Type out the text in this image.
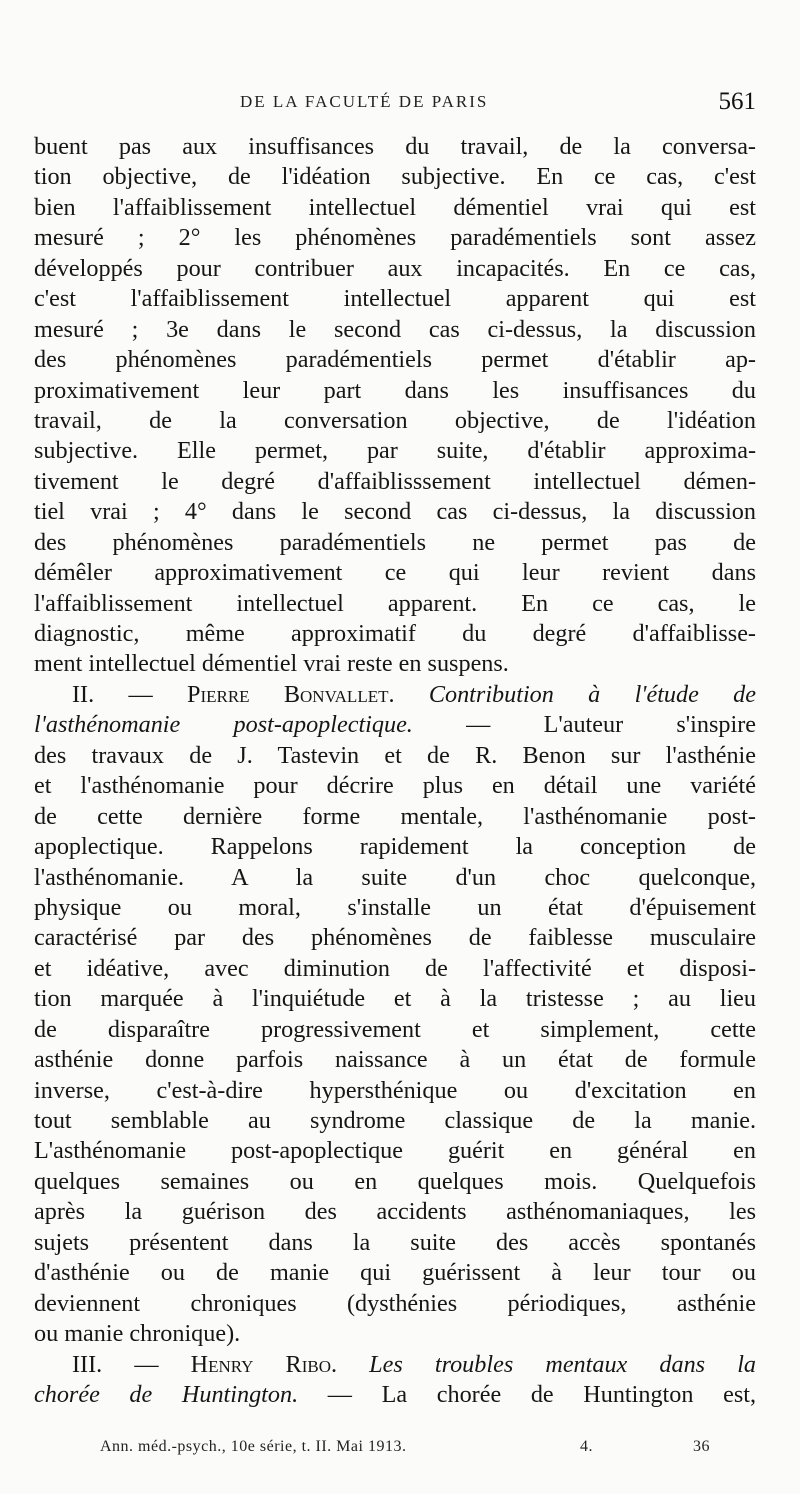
DE LA FACULTÉ DE PARIS	561
buent pas aux insuffisances du travail, de la conversa-
tion objective, de l'idéation subjective. En ce cas, c'est
bien l'affaiblissement intellectuel démentiel vrai qui est
mesuré ; 2° les phénomènes paradémentiels sont assez
développés pour contribuer aux incapacités. En ce cas,
c'est l'affaiblissement intellectuel apparent qui est
mesuré ; 3e dans le second cas ci-dessus, la discussion
des phénomènes paradémentiels permet d'établir ap-
proximativement leur part dans les insuffisances du
travail, de la conversation objective, de l'idéation
subjective. Elle permet, par suite, d'établir approxima-
tivement le degré d'affaiblisssement intellectuel démen-
tiel vrai ; 4° dans le second cas ci-dessus, la discussion
des phénomènes paradémentiels ne permet pas de
démêler approximativement ce qui leur revient dans
l'affaiblissement intellectuel apparent. En ce cas, le
diagnostic, même approximatif du degré d'affaiblisse-
ment intellectuel démentiel vrai reste en suspens.
II. — Pierre Bonvallet. Contribution à l'étude de
l'asthénomanie post-apoplectique. — L'auteur s'inspire
des travaux de J. Tastevin et de R. Benon sur l'asthénie
et l'asthénomanie pour décrire plus en détail une variété
de cette dernière forme mentale, l'asthénomanie post-
apoplectique. Rappelons rapidement la conception de
l'asthénomanie. A la suite d'un choc quelconque,
physique ou moral, s'installe un état d'épuisement
caractérisé par des phénomènes de faiblesse musculaire
et idéative, avec diminution de l'affectivité et disposi-
tion marquée à l'inquiétude et à la tristesse ; au lieu
de disparaître progressivement et simplement, cette
asthénie donne parfois naissance à un état de formule
inverse, c'est-à-dire hypersthénique ou d'excitation en
tout semblable au syndrome classique de la manie.
L'asthénomanie post-apoplectique guérit en général en
quelques semaines ou en quelques mois. Quelquefois
après la guérison des accidents asthénomaniaques, les
sujets présentent dans la suite des accès spontanés
d'asthénie ou de manie qui guérissent à leur tour ou
deviennent chroniques (dysthénies périodiques, asthénie
ou manie chronique).
III. — Henry Ribo. Les troubles mentaux dans la
chorée de Huntington. — La chorée de Huntington est,
Ann. méd.-psych., 10e série, t. II. Mai 1913.	4.	36
